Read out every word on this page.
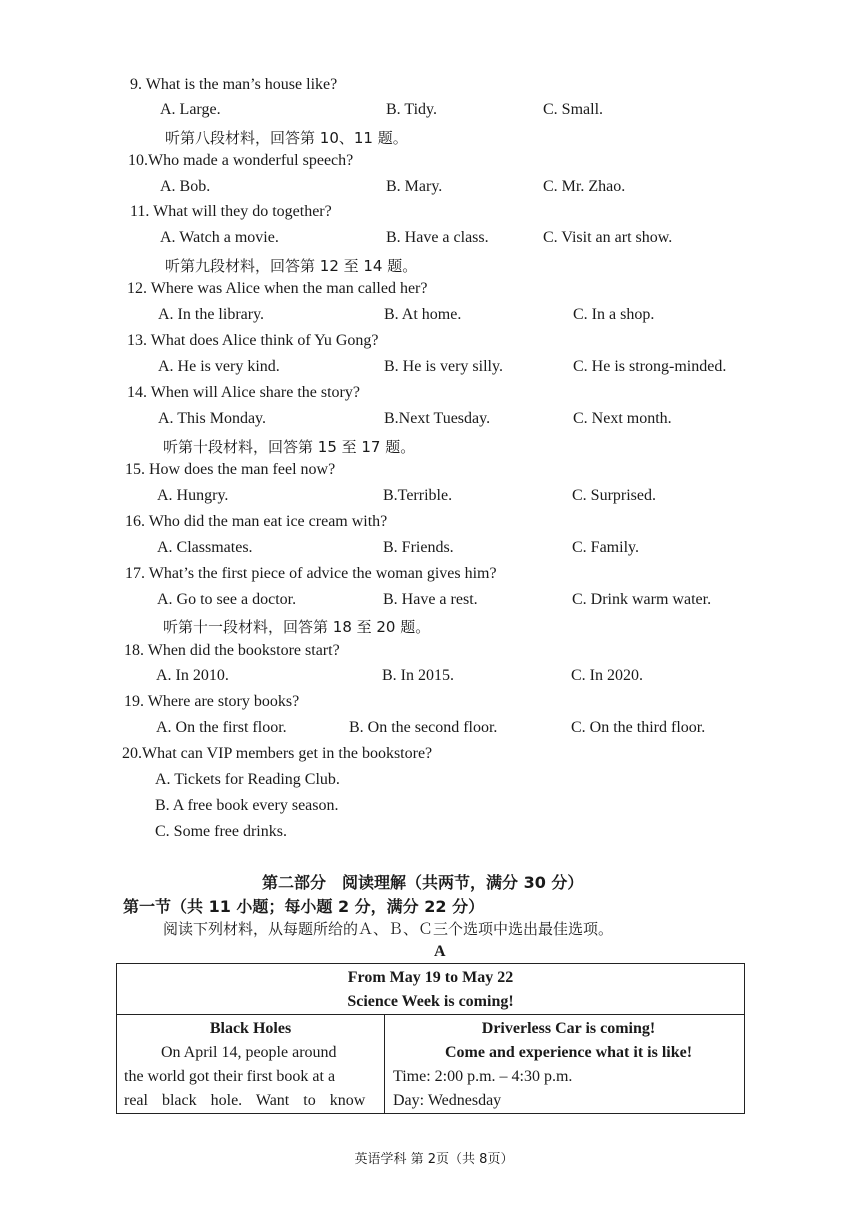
9. What is the man’s house like?
A. Large.	B. Tidy.	C. Small.
听第八段材料，回答第 10、11 题。
10.Who made a wonderful speech?
A. Bob.	B. Mary.	C. Mr. Zhao.
11. What will they do together?
A. Watch a movie.	B. Have a class.	C. Visit an art show.
听第九段材料，回答第 12 至 14 题。
12. Where was Alice when the man called her?
A. In the library.	B. At home.	C. In a shop.
13. What does Alice think of Yu Gong?
A. He is very kind.	B. He is very silly.	C. He is strong-minded.
14. When will Alice share the story?
A. This Monday.	B.Next Tuesday.	C. Next month.
听第十段材料，回答第 15 至 17 题。
15. How does the man feel now?
A. Hungry.	B.Terrible.	C. Surprised.
16. Who did the man eat ice cream with?
A. Classmates.	B. Friends.	C. Family.
17. What’s the first piece of advice the woman gives him?
A. Go to see a doctor.	B. Have a rest.	C. Drink warm water.
听第十一段材料，回答第 18 至 20 题。
18. When did the bookstore start?
A. In 2010.	B. In 2015.	C. In 2020.
19. Where are story books?
A. On the first floor.	B. On the second floor.	C. On the third floor.
20.What can VIP members get in the bookstore?
A. Tickets for Reading Club.
B. A free book every season.
C. Some free drinks.
第二部分　阅读理解（共两节，满分 30 分）
第一节（共 11 小题；每小题 2 分，满分 22 分）
阅读下列材料，从每题所给的Ａ、Ｂ、Ｃ三个选项中选出最佳选项。
A
From May 19 to May 22
Science Week is coming!

Black Holes
On April 14, people around
the world got their first book at a
real black hole. Want to know

Driverless Car is coming!
Come and experience what it is like!
Time: 2:00 p.m. – 4:30 p.m.
Day: Wednesday
英语学科 第 2页（共 8页）
